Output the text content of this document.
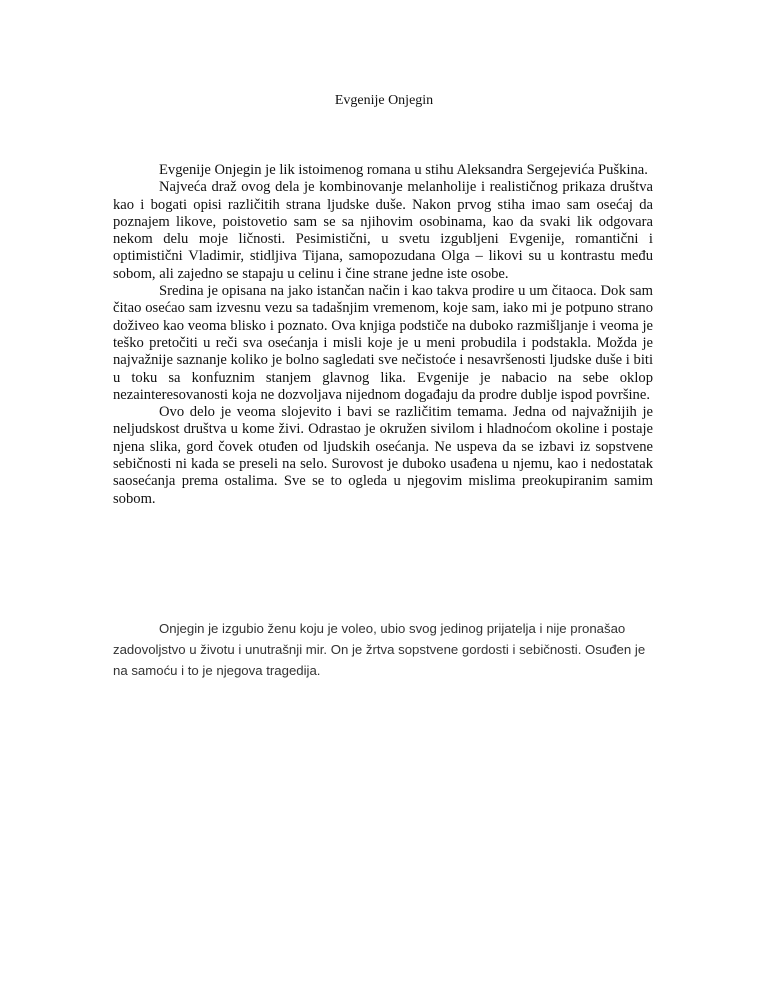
Evgenije Onjegin

Evgenije Onjegin je lik istoimenog romana u stihu Aleksandra Sergejevića Puškina.

Najveća draž ovog dela je kombinovanje melanholije i realističnog prikaza društva kao i bogati opisi različitih strana ljudske duše. Nakon prvog stiha imao sam osećaj da poznajem likove, poistovetio sam se sa njihovim osobinama, kao da svaki lik odgovara nekom delu moje ličnosti. Pesimistični, u svetu izgubljeni Evgenije, romantični i optimistični Vladimir, stidljiva Tijana, samopozudana Olga – likovi su u kontrastu među sobom, ali zajedno se stapaju u celinu i čine strane jedne iste osobe.

Sredina je opisana na jako istančan način i kao takva prodire u um čitaoca. Dok sam čitao osećao sam izvesnu vezu sa tadašnjim vremenom, koje sam, iako mi je potpuno strano doživeo kao veoma blisko i poznato. Ova knjiga podstiče na duboko razmišljanje i veoma je teško pretočiti u reči sva osećanja i misli koje je u meni probudila i podstakla. Možda je najvažnije saznanje koliko je bolno sagledati sve nečistoće i nesavršenosti ljudske duše i biti u toku sa konfuznim stanjem glavnog lika. Evgenije je nabacio na sebe oklop nezainteresovanosti koja ne dozvoljava nijednom događaju da prodre dublje ispod površine.

Ovo delo je veoma slojevito i bavi se različitim temama. Jedna od najvažnijih je neljudskost društva u kome živi. Odrastao je okružen sivilom i hladnoćom okoline i postaje njena slika, gord čovek otuđen od ljudskih osećanja. Ne uspeva da se izbavi iz sopstvene sebičnosti ni kada se preseli na selo. Surovost je duboko usađena u njemu, kao i nedostatak saosećanja prema ostalima. Sve se to ogleda u njegovim mislima preokupiranim samim sobom.

Onjegin je izgubio ženu koju je voleo, ubio svog jedinog prijatelja i nije pronašao zadovoljstvo u životu i unutrašnji mir. On je žrtva sopstvene gordosti i sebičnosti. Osuđen je na samoću i to je njegova tragedija.
